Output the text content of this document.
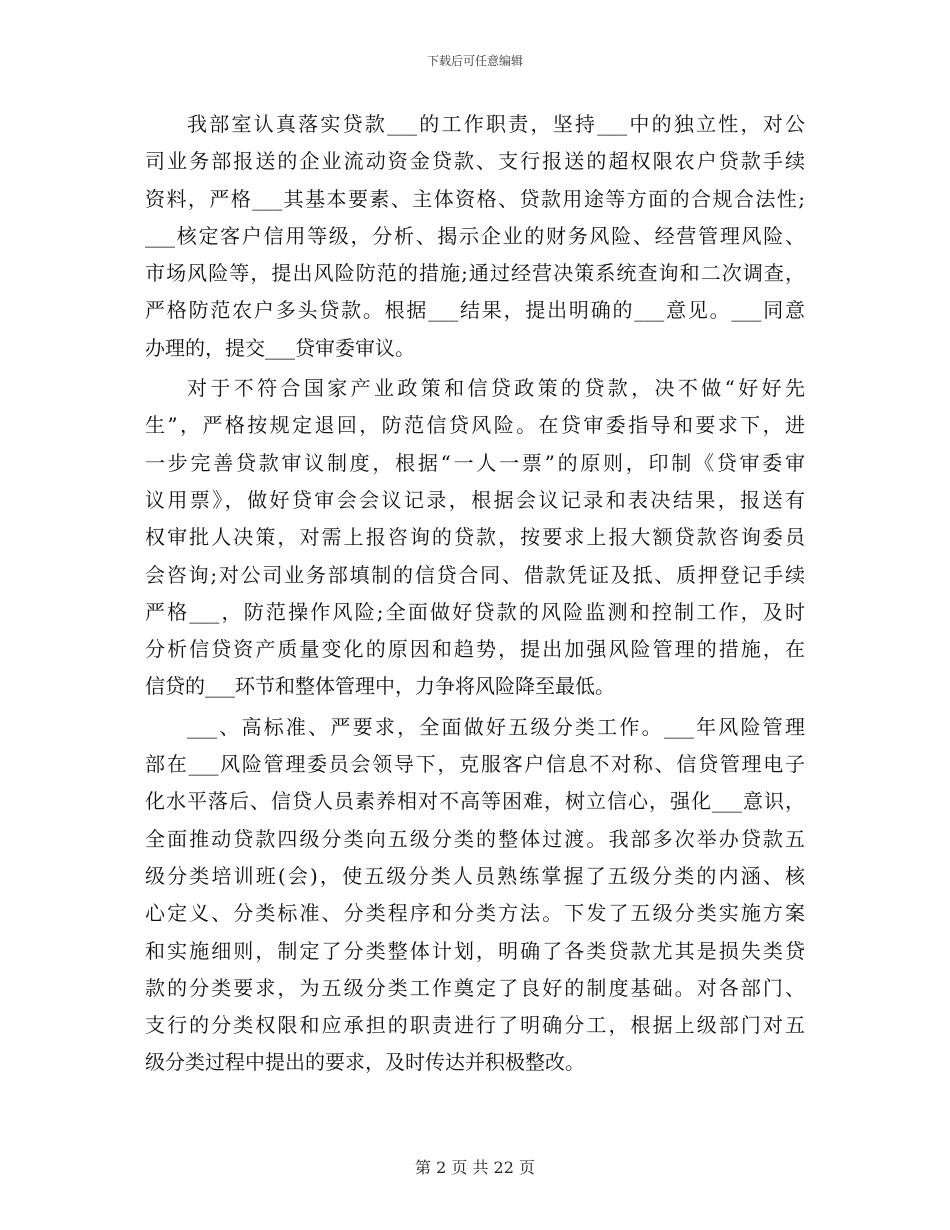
下载后可任意编辑
我部室认真落实贷款___的工作职责，坚持___中的独立性，对公
司业务部报送的企业流动资金贷款、支行报送的超权限农户贷款手续
资料，严格___其基本要素、主体资格、贷款用途等方面的合规合法性;
___核定客户信用等级，分析、揭示企业的财务风险、经营管理风险、
市场风险等，提出风险防范的措施;通过经营决策系统查询和二次调查，
严格防范农户多头贷款。根据___结果，提出明确的___意见。___同意
办理的，提交___贷审委审议。
对于不符合国家产业政策和信贷政策的贷款，决不做“好好先
生”，严格按规定退回，防范信贷风险。在贷审委指导和要求下，进
一步完善贷款审议制度，根据“一人一票”的原则，印制《贷审委审
议用票》，做好贷审会会议记录，根据会议记录和表决结果，报送有
权审批人决策，对需上报咨询的贷款，按要求上报大额贷款咨询委员
会咨询;对公司业务部填制的信贷合同、借款凭证及抵、质押登记手续
严格___，防范操作风险;全面做好贷款的风险监测和控制工作，及时
分析信贷资产质量变化的原因和趋势，提出加强风险管理的措施，在
信贷的___环节和整体管理中，力争将风险降至最低。
___、高标准、严要求，全面做好五级分类工作。___年风险管理
部在___风险管理委员会领导下，克服客户信息不对称、信贷管理电子
化水平落后、信贷人员素养相对不高等困难，树立信心，强化___意识，
全面推动贷款四级分类向五级分类的整体过渡。我部多次举办贷款五
级分类培训班(会)，使五级分类人员熟练掌握了五级分类的内涵、核
心定义、分类标准、分类程序和分类方法。下发了五级分类实施方案
和实施细则，制定了分类整体计划，明确了各类贷款尤其是损失类贷
款的分类要求，为五级分类工作奠定了良好的制度基础。对各部门、
支行的分类权限和应承担的职责进行了明确分工，根据上级部门对五
级分类过程中提出的要求，及时传达并积极整改。
第 2 页 共 22 页
